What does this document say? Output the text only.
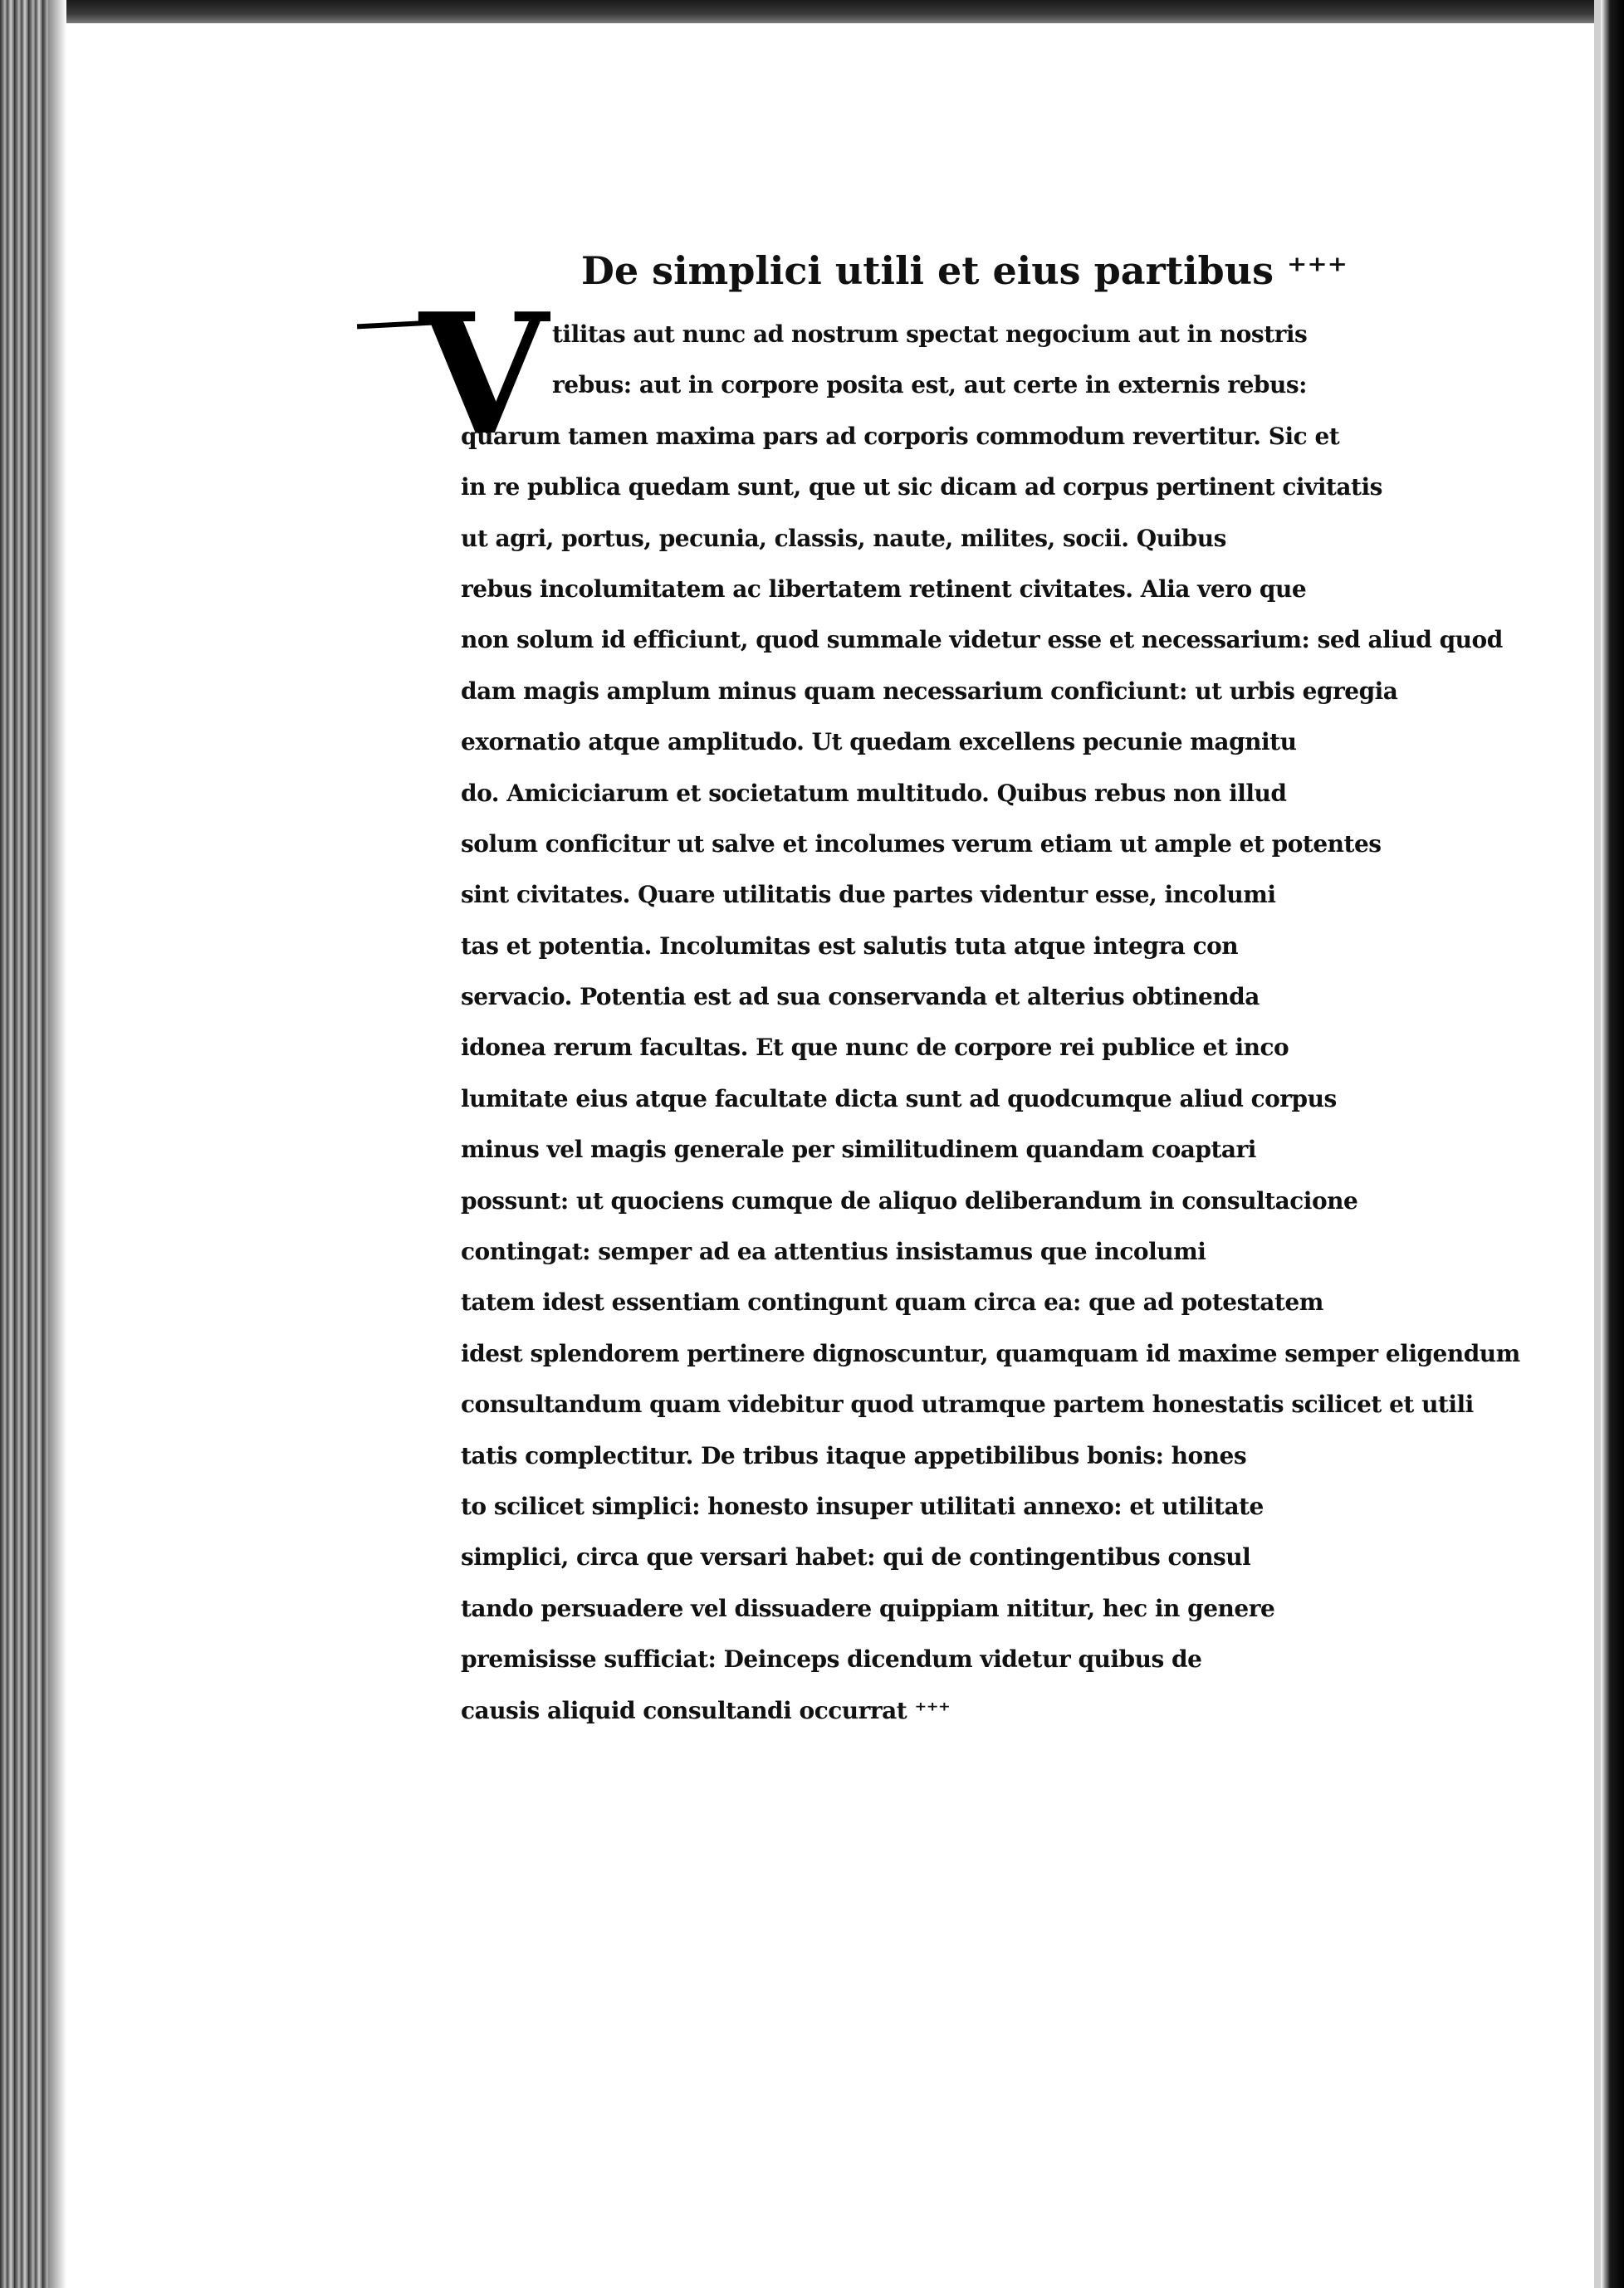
De simplici utili et eius partibus ⁺⁺⁺
V tilitas aut nunc ad nostrum spectat negocium aut in nostris
rebus: aut in corpore posita est, aut certe in externis rebus:
quarum tamen maxima pars ad corporis commodum revertitur. Sic et
in re publica quedam sunt, que ut sic dicam ad corpus pertinent civitatis
ut agri, portus, pecunia, classis, naute, milites, socii. Quibus
rebus incolumitatem ac libertatem retinent civitates. Alia vero que
non solum id efficiunt, quod summale videtur esse et necessarium: sed aliud quod
dam magis amplum minus quam necessarium conficiunt: ut urbis egregia
exornatio atque amplitudo. Ut quedam excellens pecunie magnitu
do. Amiciciarum et societatum multitudo. Quibus rebus non illud
solum conficitur ut salve et incolumes verum etiam ut ample et potentes
sint civitates. Quare utilitatis due partes videntur esse, incolumi
tas et potentia. Incolumitas est salutis tuta atque integra con
servacio. Potentia est ad sua conservanda et alterius obtinenda
idonea rerum facultas. Et que nunc de corpore rei publice et inco
lumitate eius atque facultate dicta sunt ad quodcumque aliud corpus
minus vel magis generale per similitudinem quandam coaptari
possunt: ut quociens cumque de aliquo deliberandum in consultacione
contingat: semper ad ea attentius insistamus que incolumi
tatem idest essentiam contingunt quam circa ea: que ad potestatem
idest splendorem pertinere dignoscuntur, quamquam id maxime semper eligendum
consultandum quam videbitur quod utramque partem honestatis scilicet et utili
tatis complectitur. De tribus itaque appetibilibus bonis: hones
to scilicet simplici: honesto insuper utilitati annexo: et utilitate
simplici, circa que versari habet: qui de contingentibus consul
tando persuadere vel dissuadere quippiam nititur, hec in genere
premisisse sufficiat: Deinceps dicendum videtur quibus de
causis aliquid consultandi occurrat ⁺⁺⁺
